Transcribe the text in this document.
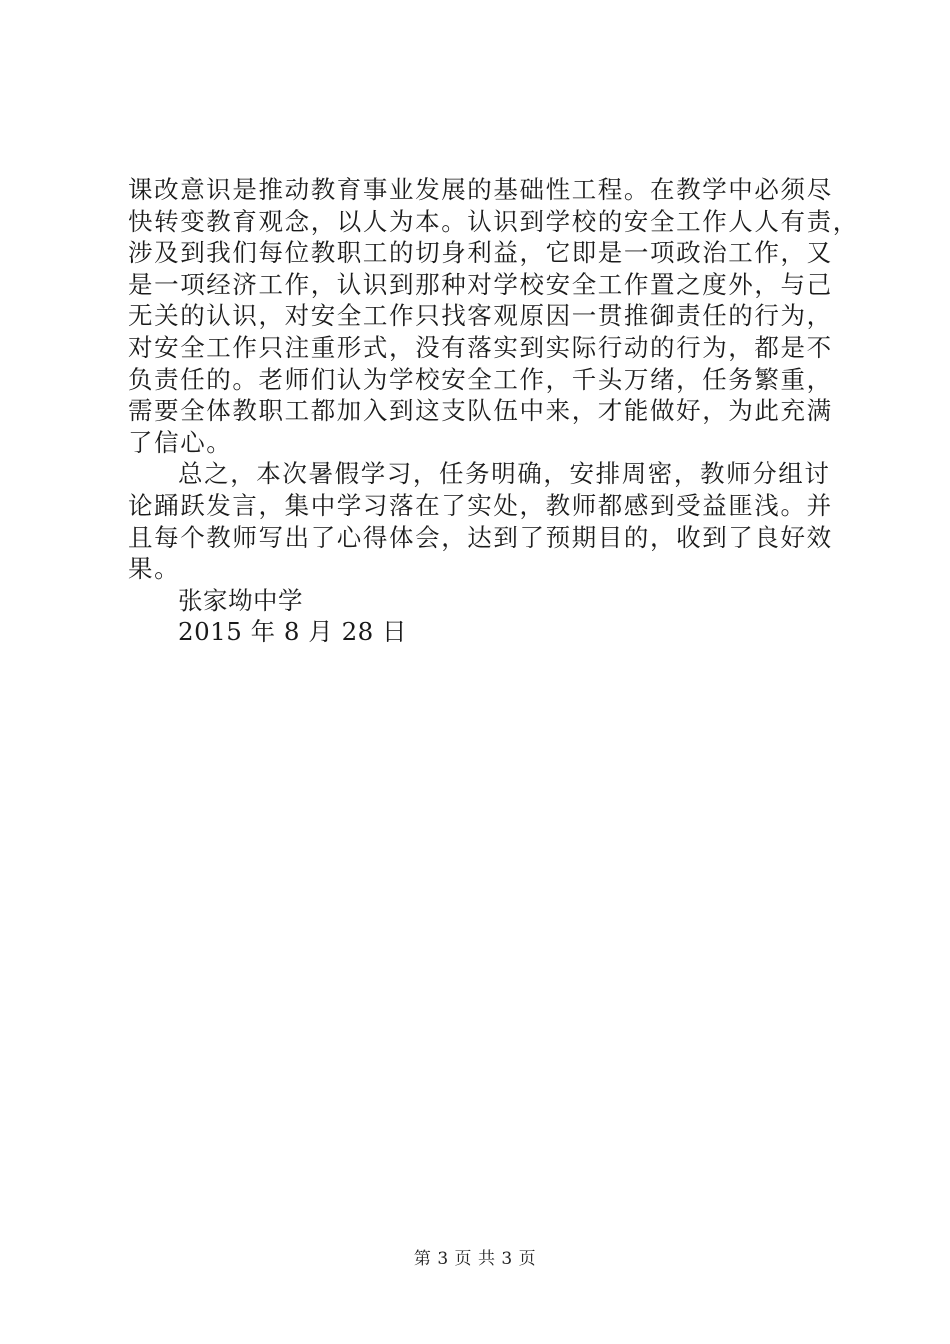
课改意识是推动教育事业发展的基础性工程。在教学中必须尽
快转变教育观念，以人为本。认识到学校的安全工作人人有责，
涉及到我们每位教职工的切身利益，它即是一项政治工作，又
是一项经济工作，认识到那种对学校安全工作置之度外，与己
无关的认识，对安全工作只找客观原因一贯推御责任的行为，
对安全工作只注重形式，没有落实到实际行动的行为，都是不
负责任的。老师们认为学校安全工作，千头万绪，任务繁重，
需要全体教职工都加入到这支队伍中来，才能做好，为此充满
了信心。
总之，本次暑假学习，任务明确，安排周密，教师分组讨
论踊跃发言，集中学习落在了实处，教师都感到受益匪浅。并
且每个教师写出了心得体会，达到了预期目的，收到了良好效
果。
张家坳中学
2015 年 8 月 28 日
第 3 页 共 3 页
